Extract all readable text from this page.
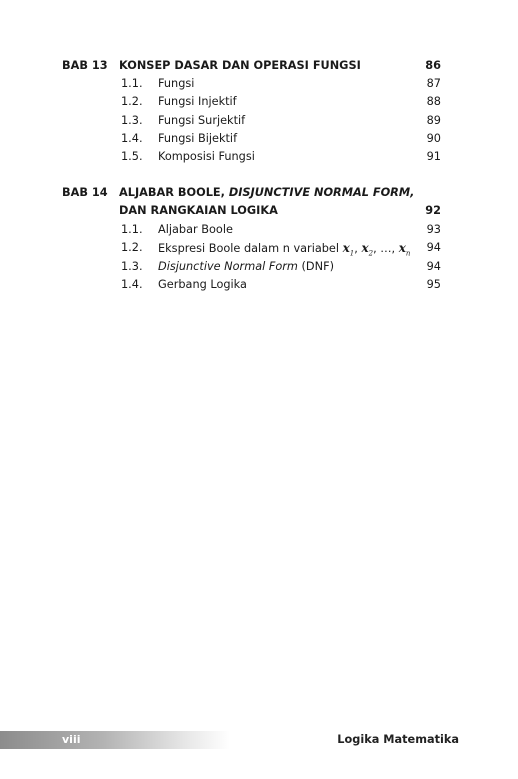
BAB 13 KONSEP DASAR DAN OPERASI FUNGSI	86
1.1. Fungsi	87
1.2. Fungsi Injektif	88
1.3. Fungsi Surjektif	89
1.4. Fungsi Bijektif	90
1.5. Komposisi Fungsi	91
BAB 14 ALJABAR BOOLE, DISJUNCTIVE NORMAL FORM,
DAN RANGKAIAN LOGIKA	92
1.1. Aljabar Boole	93
1.2. Ekspresi Boole dalam n variabel $x_1$, $x_2$, …, $x_n$ 94
1.3. Disjunctive Normal Form (DNF)	94
1.4. Gerbang Logika	95
viii	Logika Matematika
